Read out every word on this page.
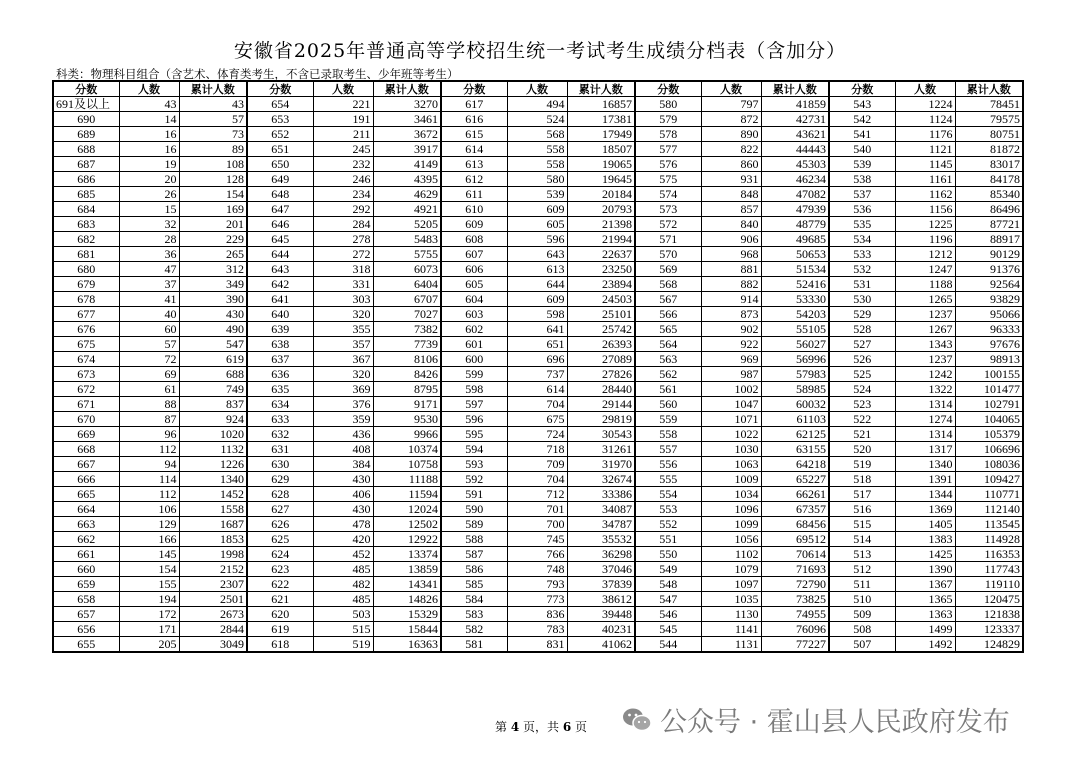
安徽省2025年普通高等学校招生统一考试考生成绩分档表（含加分）
科类：物理科目组合（含艺术、体育类考生，不含已录取考生、少年班等考生）
分数	人数	累计人数	分数	人数	累计人数	分数	人数	累计人数	分数	人数	累计人数	分数	人数	累计人数
691及以上	43	43	654	221	3270	617	494	16857	580	797	41859	543	1224	78451
690	14	57	653	191	3461	616	524	17381	579	872	42731	542	1124	79575
689	16	73	652	211	3672	615	568	17949	578	890	43621	541	1176	80751
688	16	89	651	245	3917	614	558	18507	577	822	44443	540	1121	81872
687	19	108	650	232	4149	613	558	19065	576	860	45303	539	1145	83017
686	20	128	649	246	4395	612	580	19645	575	931	46234	538	1161	84178
685	26	154	648	234	4629	611	539	20184	574	848	47082	537	1162	85340
684	15	169	647	292	4921	610	609	20793	573	857	47939	536	1156	86496
683	32	201	646	284	5205	609	605	21398	572	840	48779	535	1225	87721
682	28	229	645	278	5483	608	596	21994	571	906	49685	534	1196	88917
681	36	265	644	272	5755	607	643	22637	570	968	50653	533	1212	90129
680	47	312	643	318	6073	606	613	23250	569	881	51534	532	1247	91376
679	37	349	642	331	6404	605	644	23894	568	882	52416	531	1188	92564
678	41	390	641	303	6707	604	609	24503	567	914	53330	530	1265	93829
677	40	430	640	320	7027	603	598	25101	566	873	54203	529	1237	95066
676	60	490	639	355	7382	602	641	25742	565	902	55105	528	1267	96333
675	57	547	638	357	7739	601	651	26393	564	922	56027	527	1343	97676
674	72	619	637	367	8106	600	696	27089	563	969	56996	526	1237	98913
673	69	688	636	320	8426	599	737	27826	562	987	57983	525	1242	100155
672	61	749	635	369	8795	598	614	28440	561	1002	58985	524	1322	101477
671	88	837	634	376	9171	597	704	29144	560	1047	60032	523	1314	102791
670	87	924	633	359	9530	596	675	29819	559	1071	61103	522	1274	104065
669	96	1020	632	436	9966	595	724	30543	558	1022	62125	521	1314	105379
668	112	1132	631	408	10374	594	718	31261	557	1030	63155	520	1317	106696
667	94	1226	630	384	10758	593	709	31970	556	1063	64218	519	1340	108036
666	114	1340	629	430	11188	592	704	32674	555	1009	65227	518	1391	109427
665	112	1452	628	406	11594	591	712	33386	554	1034	66261	517	1344	110771
664	106	1558	627	430	12024	590	701	34087	553	1096	67357	516	1369	112140
663	129	1687	626	478	12502	589	700	34787	552	1099	68456	515	1405	113545
662	166	1853	625	420	12922	588	745	35532	551	1056	69512	514	1383	114928
661	145	1998	624	452	13374	587	766	36298	550	1102	70614	513	1425	116353
660	154	2152	623	485	13859	586	748	37046	549	1079	71693	512	1390	117743
659	155	2307	622	482	14341	585	793	37839	548	1097	72790	511	1367	119110
658	194	2501	621	485	14826	584	773	38612	547	1035	73825	510	1365	120475
657	172	2673	620	503	15329	583	836	39448	546	1130	74955	509	1363	121838
656	171	2844	619	515	15844	582	783	40231	545	1141	76096	508	1499	123337
655	205	3049	618	519	16363	581	831	41062	544	1131	77227	507	1492	124829
第 4 页，共 6 页	公众号 · 霍山县人民政府发布
